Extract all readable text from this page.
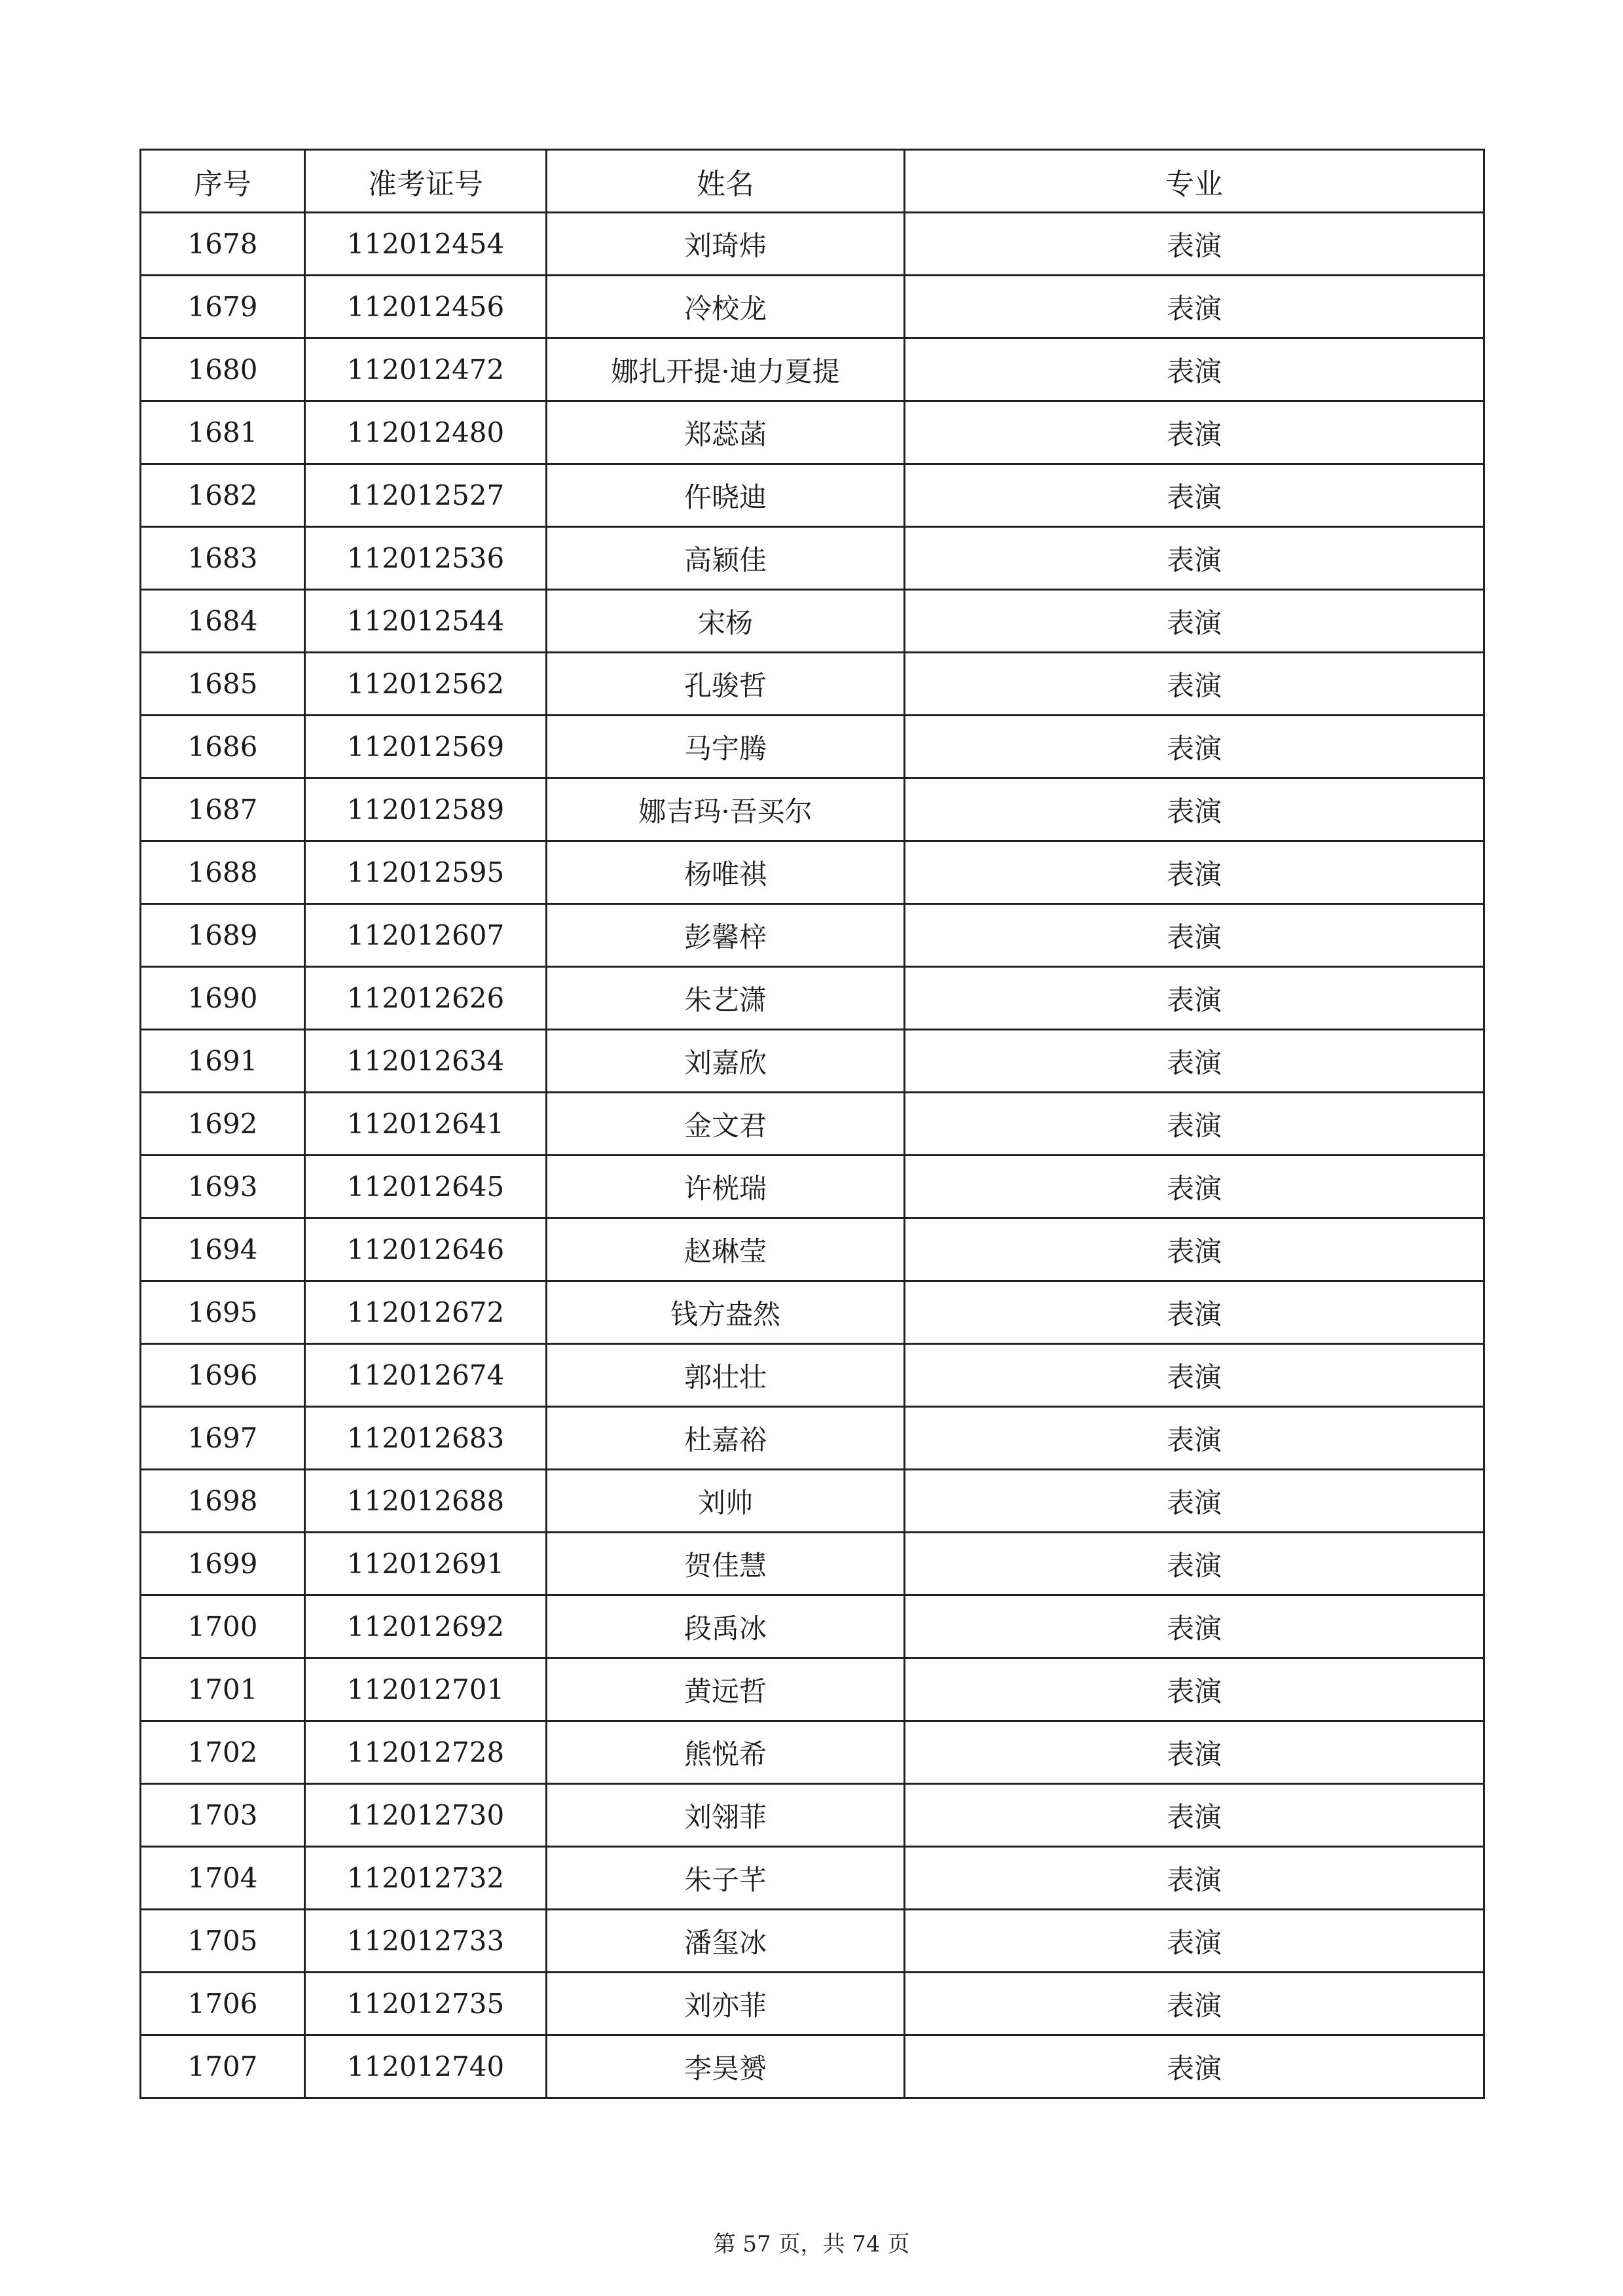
序号	准考证号	姓名	专业
1678	112012454	刘琦炜	表演
1679	112012456	冷校龙	表演
1680	112012472	娜扎开提·迪力夏提	表演
1681	112012480	郑蕊菡	表演
1682	112012527	仵晓迪	表演
1683	112012536	高颖佳	表演
1684	112012544	宋杨	表演
1685	112012562	孔骏哲	表演
1686	112012569	马宇腾	表演
1687	112012589	娜吉玛·吾买尔	表演
1688	112012595	杨唯祺	表演
1689	112012607	彭馨梓	表演
1690	112012626	朱艺潇	表演
1691	112012634	刘嘉欣	表演
1692	112012641	金文君	表演
1693	112012645	许桄瑞	表演
1694	112012646	赵琳莹	表演
1695	112012672	钱方盎然	表演
1696	112012674	郭壮壮	表演
1697	112012683	杜嘉裕	表演
1698	112012688	刘帅	表演
1699	112012691	贺佳慧	表演
1700	112012692	段禹冰	表演
1701	112012701	黄远哲	表演
1702	112012728	熊悦希	表演
1703	112012730	刘翎菲	表演
1704	112012732	朱子芊	表演
1705	112012733	潘玺冰	表演
1706	112012735	刘亦菲	表演
1707	112012740	李昊赟	表演
第 57 页，共 74 页
